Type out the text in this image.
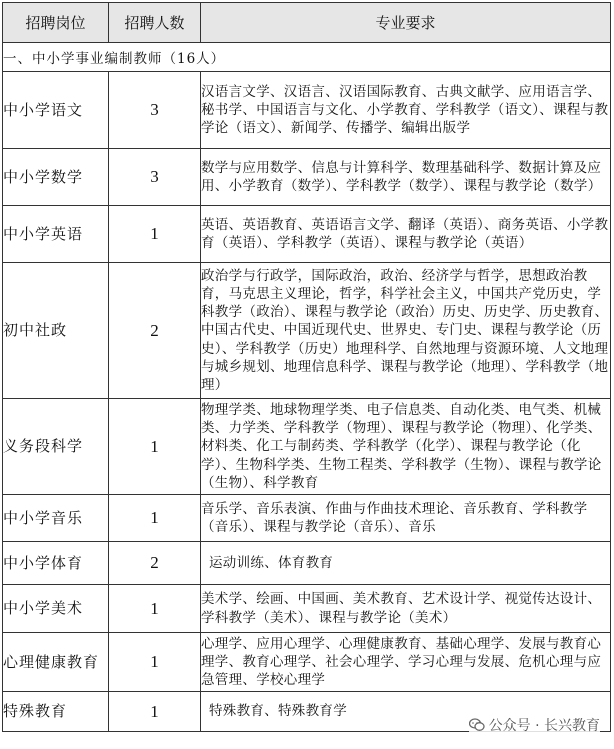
招聘岗位	招聘人数	专业要求
一、中小学事业编制教师（16人）		
中小学语文	3	汉语言文学、汉语言、汉语国际教育、古典文献学、应用语言学、秘书学、中国语言与文化、小学教育、学科教学（语文）、课程与教学论（语文）、新闻学、传播学、编辑出版学
中小学数学	3	数学与应用数学、信息与计算科学、数理基础科学、数据计算及应用、小学教育（数学）、学科教学（数学）、课程与教学论（数学）
中小学英语	1	英语、英语教育、英语语言文学、翻译（英语）、商务英语、小学教育（英语）、学科教学（英语）、课程与教学论（英语）
初中社政	2	政治学与行政学，国际政治，政治、经济学与哲学，思想政治教育，马克思主义理论，哲学，科学社会主义，中国共产党历史，学科教学（政治）、课程与教学论（政治）历史、历史学、历史教育、中国古代史、中国近现代史、世界史、专门史、课程与教学论（历史）、学科教学（历史）地理科学、自然地理与资源环境、人文地理与城乡规划、地理信息科学、课程与教学论（地理）、学科教学（地理）
义务段科学	1	物理学类、地球物理学类、电子信息类、自动化类、电气类、机械类、力学类、学科教学（物理）、课程与教学论（物理）、化学类、材料类、化工与制药类、学科教学（化学）、课程与教学论（化学）、生物科学类、生物工程类、学科教学（生物）、课程与教学论（生物）、科学教育
中小学音乐	1	音乐学、音乐表演、作曲与作曲技术理论、音乐教育、学科教学（音乐）、课程与教学论（音乐）、音乐
中小学体育	2	运动训练、体育教育
中小学美术	1	美术学、绘画、中国画、美术教育、艺术设计学、视觉传达设计、学科教学（美术）、课程与教学论（美术）
心理健康教育	1	心理学、应用心理学、心理健康教育、基础心理学、发展与教育心理学、教育心理学、社会心理学、学习心理与发展、危机心理与应急管理、学校心理学
特殊教育	1	特殊教育、特殊教育学
公众号 · 长兴教育
